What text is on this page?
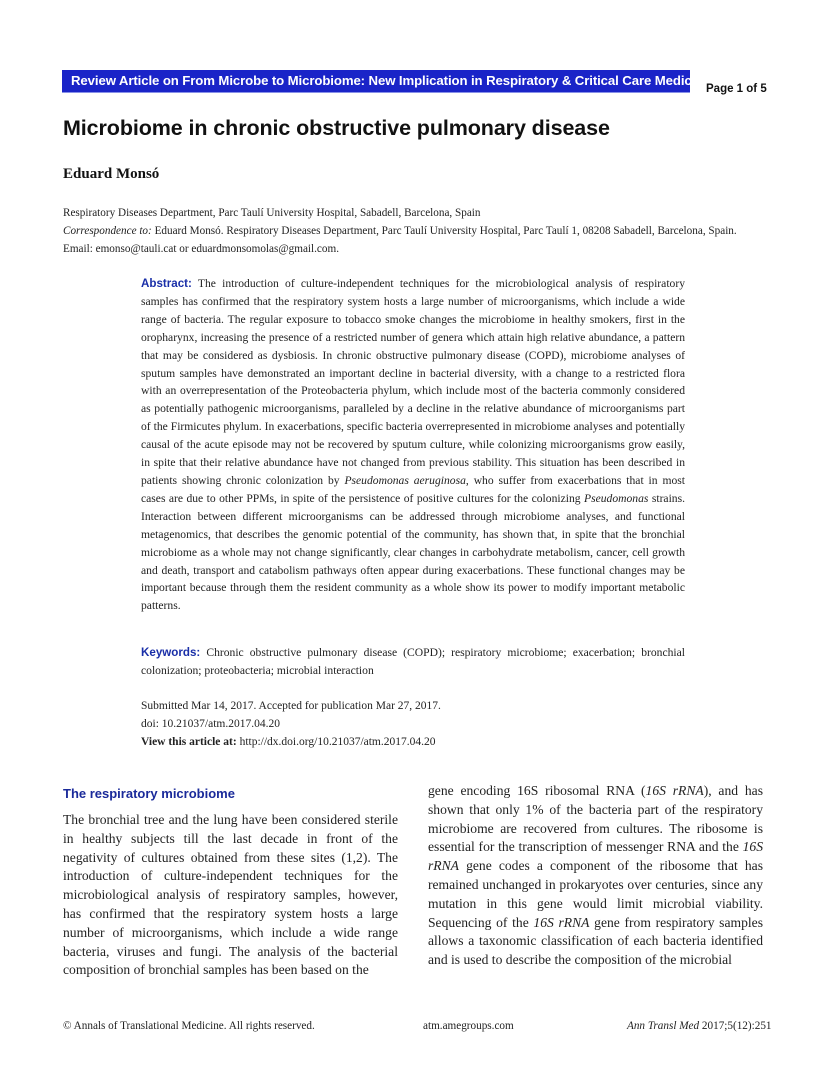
Review Article on From Microbe to Microbiome: New Implication in Respiratory & Critical Care Medicine
Page 1 of 5
Microbiome in chronic obstructive pulmonary disease
Eduard Monsó
Respiratory Diseases Department, Parc Taulí University Hospital, Sabadell, Barcelona, Spain
Correspondence to: Eduard Monsó. Respiratory Diseases Department, Parc Taulí University Hospital, Parc Taulí 1, 08208 Sabadell, Barcelona, Spain.
Email: emonso@tauli.cat or eduardmonsomolas@gmail.com.
Abstract: The introduction of culture-independent techniques for the microbiological analysis of respiratory samples has confirmed that the respiratory system hosts a large number of microorganisms, which include a wide range of bacteria. The regular exposure to tobacco smoke changes the microbiome in healthy smokers, first in the oropharynx, increasing the presence of a restricted number of genera which attain high relative abundance, a pattern that may be considered as dysbiosis. In chronic obstructive pulmonary disease (COPD), microbiome analyses of sputum samples have demonstrated an important decline in bacterial diversity, with a change to a restricted flora with an overrepresentation of the Proteobacteria phylum, which include most of the bacteria commonly considered as potentially pathogenic microorganisms, paralleled by a decline in the relative abundance of microorganisms part of the Firmicutes phylum. In exacerbations, specific bacteria overrepresented in microbiome analyses and potentially causal of the acute episode may not be recovered by sputum culture, while colonizing microorganisms grow easily, in spite that their relative abundance have not changed from previous stability. This situation has been described in patients showing chronic colonization by Pseudomonas aeruginosa, who suffer from exacerbations that in most cases are due to other PPMs, in spite of the persistence of positive cultures for the colonizing Pseudomonas strains. Interaction between different microorganisms can be addressed through microbiome analyses, and functional metagenomics, that describes the genomic potential of the community, has shown that, in spite that the bronchial microbiome as a whole may not change significantly, clear changes in carbohydrate metabolism, cancer, cell growth and death, transport and catabolism pathways often appear during exacerbations. These functional changes may be important because through them the resident community as a whole show its power to modify important metabolic patterns.
Keywords: Chronic obstructive pulmonary disease (COPD); respiratory microbiome; exacerbation; bronchial colonization; proteobacteria; microbial interaction
Submitted Mar 14, 2017. Accepted for publication Mar 27, 2017.
doi: 10.21037/atm.2017.04.20
View this article at: http://dx.doi.org/10.21037/atm.2017.04.20
The respiratory microbiome
The bronchial tree and the lung have been considered sterile in healthy subjects till the last decade in front of the negativity of cultures obtained from these sites (1,2). The introduction of culture-independent techniques for the microbiological analysis of respiratory samples, however, has confirmed that the respiratory system hosts a large number of microorganisms, which include a wide range bacteria, viruses and fungi. The analysis of the bacterial composition of bronchial samples has been based on the
gene encoding 16S ribosomal RNA (16S rRNA), and has shown that only 1% of the bacteria part of the respiratory microbiome are recovered from cultures. The ribosome is essential for the transcription of messenger RNA and the 16S rRNA gene codes a component of the ribosome that has remained unchanged in prokaryotes over centuries, since any mutation in this gene would limit microbial viability. Sequencing of the 16S rRNA gene from respiratory samples allows a taxonomic classification of each bacteria identified and is used to describe the composition of the microbial
© Annals of Translational Medicine. All rights reserved.	atm.amegroups.com	Ann Transl Med 2017;5(12):251
